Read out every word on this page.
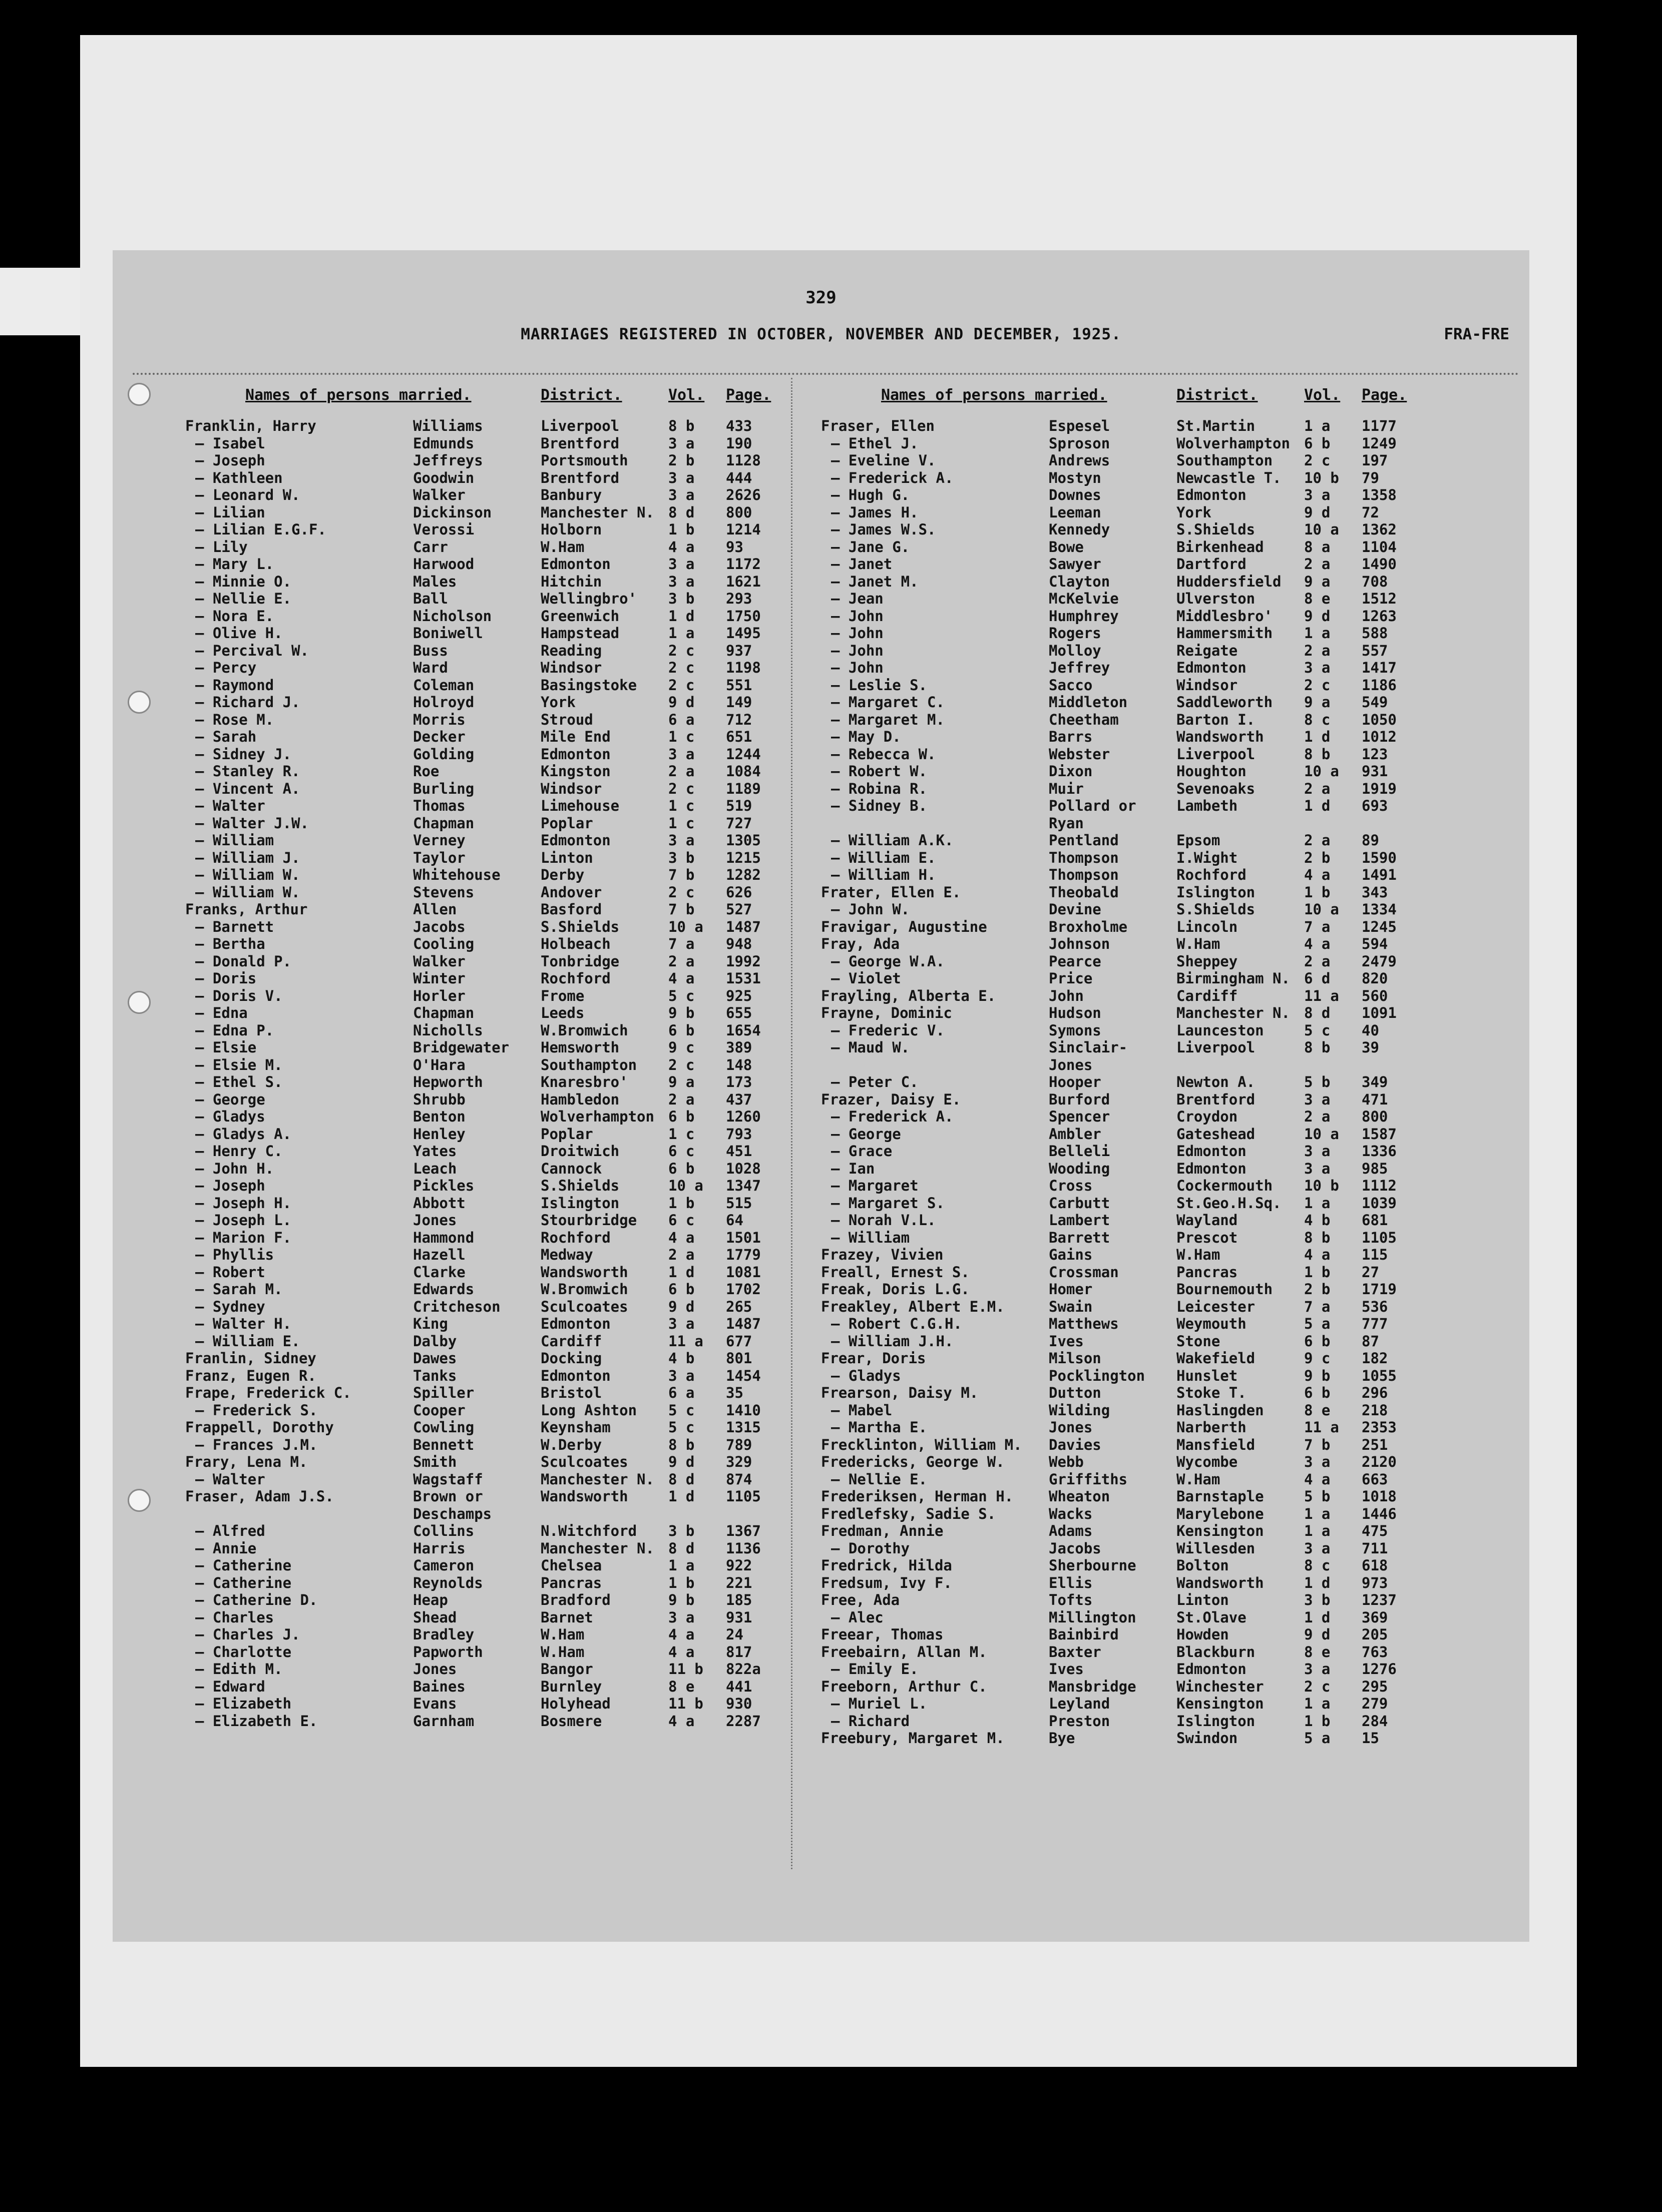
329
MARRIAGES REGISTERED IN OCTOBER, NOVEMBER AND DECEMBER, 1925.	FRA-FRE
Names of persons married.	District.	Vol. Page.
Franklin, Harry	Williams	Liverpool	8 b 433
— Isabel	Edmunds	Brentford	3 a 190
— Joseph	Jeffreys	Portsmouth	2 b 1128
— Kathleen	Goodwin	Brentford	3 a 444
— Leonard W.	Walker	Banbury	3 a 2626
— Lilian	Dickinson	Manchester N. 8 d 800
— Lilian E.G.F.	Verossi	Holborn	1 b 1214
— Lily	Carr	W.Ham	4 a 93
— Mary L.	Harwood	Edmonton	3 a 1172
— Minnie O.	Males	Hitchin	3 a 1621
— Nellie E.	Ball	Wellingbro' 3 b 293
— Nora E.	Nicholson	Greenwich	1 d 1750
— Olive H.	Boniwell	Hampstead	1 a 1495
— Percival W.	Buss	Reading	2 c 937
— Percy	Ward	Windsor	2 c 1198
— Raymond	Coleman	Basingstoke 2 c 551
— Richard J.	Holroyd	York	9 d 149
— Rose M.	Morris	Stroud	6 a 712
— Sarah	Decker	Mile End	1 c 651
— Sidney J.	Golding	Edmonton	3 a 1244
— Stanley R.	Roe	Kingston	2 a 1084
— Vincent A.	Burling	Windsor	2 c 1189
— Walter	Thomas	Limehouse	1 c 519
— Walter J.W.	Chapman	Poplar	1 c 727
— William	Verney	Edmonton	3 a 1305
— William J.	Taylor	Linton	3 b 1215
— William W.	Whitehouse	Derby	7 b 1282
— William W.	Stevens	Andover	2 c 626
Franks, Arthur	Allen	Basford	7 b 527
— Barnett	Jacobs	S.Shields	10 a 1487
— Bertha	Cooling	Holbeach	7 a 948
— Donald P.	Walker	Tonbridge	2 a 1992
— Doris	Winter	Rochford	4 a 1531
— Doris V.	Horler	Frome	5 c 925
— Edna	Chapman	Leeds	9 b 655
— Edna P.	Nicholls	W.Bromwich	6 b 1654
— Elsie	Bridgewater Hemsworth	9 c 389
— Elsie M.	O'Hara	Southampton 2 c 148
— Ethel S.	Hepworth	Knaresbro'	9 a 173
— George	Shrubb	Hambledon	2 a 437
— Gladys	Benton	Wolverhampton 6 b 1260
— Gladys A.	Henley	Poplar	1 c 793
— Henry C.	Yates	Droitwich	6 c 451
— John H.	Leach	Cannock	6 b 1028
— Joseph	Pickles	S.Shields	10 a 1347
— Joseph H.	Abbott	Islington	1 b 515
— Joseph L.	Jones	Stourbridge 6 c 64
— Marion F.	Hammond	Rochford	4 a 1501
— Phyllis	Hazell	Medway	2 a 1779
— Robert	Clarke	Wandsworth	1 d 1081
— Sarah M.	Edwards	W.Bromwich	6 b 1702
— Sydney	Critcheson	Sculcoates	9 d 265
— Walter H.	King	Edmonton	3 a 1487
— William E.	Dalby	Cardiff	11 a 677
Franlin, Sidney	Dawes	Docking	4 b 801
Franz, Eugen R.	Tanks	Edmonton	3 a 1454
Frape, Frederick C.	Spiller	Bristol	6 a 35
— Frederick S.	Cooper	Long Ashton 5 c 1410
Frappell, Dorothy	Cowling	Keynsham	5 c 1315
— Frances J.M.	Bennett	W.Derby	8 b 789
Frary, Lena M.	Smith	Sculcoates	9 d 329
— Walter	Wagstaff	Manchester N. 8 d 874
Fraser, Adam J.S.	Brown or	Wandsworth	1 d 1105
Deschamps
— Alfred	Collins	N.Witchford 3 b 1367
— Annie	Harris	Manchester N. 8 d 1136
— Catherine	Cameron	Chelsea	1 a 922
— Catherine	Reynolds	Pancras	1 b 221
— Catherine D.	Heap	Bradford	9 b 185
— Charles	Shead	Barnet	3 a 931
— Charles J.	Bradley	W.Ham	4 a 24
— Charlotte	Papworth	W.Ham	4 a 817
— Edith M.	Jones	Bangor	11 b 822a
— Edward	Baines	Burnley	8 e 441
— Elizabeth	Evans	Holyhead	11 b 930
— Elizabeth E.	Garnham	Bosmere	4 a 2287
Names of persons married.	District.	Vol. Page.
Fraser, Ellen	Espesel	St.Martin	1 a 1177
— Ethel J.	Sproson	Wolverhampton 6 b 1249
— Eveline V.	Andrews	Southampton 2 c 197
— Frederick A.	Mostyn	Newcastle T. 10 b 79
— Hugh G.	Downes	Edmonton	3 a 1358
— James H.	Leeman	York	9 d 72
— James W.S.	Kennedy	S.Shields	10 a 1362
— Jane G.	Bowe	Birkenhead	8 a 1104
— Janet	Sawyer	Dartford	2 a 1490
— Janet M.	Clayton	Huddersfield 9 a 708
— Jean	McKelvie	Ulverston	8 e 1512
— John	Humphrey	Middlesbro' 9 d 1263
— John	Rogers	Hammersmith 1 a 588
— John	Molloy	Reigate	2 a 557
— John	Jeffrey	Edmonton	3 a 1417
— Leslie S.	Sacco	Windsor	2 c 1186
— Margaret C.	Middleton	Saddleworth 9 a 549
— Margaret M.	Cheetham	Barton I.	8 c 1050
— May D.	Barrs	Wandsworth	1 d 1012
— Rebecca W.	Webster	Liverpool	8 b 123
— Robert W.	Dixon	Houghton	10 a 931
— Robina R.	Muir	Sevenoaks	2 a 1919
— Sidney B.	Pollard or	Lambeth	1 d 693
Ryan
— William A.K.	Pentland	Epsom	2 a 89
— William E.	Thompson	I.Wight	2 b 1590
— William H.	Thompson	Rochford	4 a 1491
Frater, Ellen E.	Theobald	Islington	1 b 343
— John W.	Devine	S.Shields	10 a 1334
Fravigar, Augustine	Broxholme	Lincoln	7 a 1245
Fray, Ada	Johnson	W.Ham	4 a 594
— George W.A.	Pearce	Sheppey	2 a 2479
— Violet	Price	Birmingham N. 6 d 820
Frayling, Alberta E.	John	Cardiff	11 a 560
Frayne, Dominic	Hudson	Manchester N. 8 d 1091
— Frederic V.	Symons	Launceston	5 c 40
— Maud W.	Sinclair-	Liverpool	8 b 39
Jones
— Peter C.	Hooper	Newton A.	5 b 349
Frazer, Daisy E.	Burford	Brentford	3 a 471
— Frederick A.	Spencer	Croydon	2 a 800
— George	Ambler	Gateshead	10 a 1587
— Grace	Belleli	Edmonton	3 a 1336
— Ian	Wooding	Edmonton	3 a 985
— Margaret	Cross	Cockermouth 10 b 1112
— Margaret S.	Carbutt	St.Geo.H.Sq. 1 a 1039
— Norah V.L.	Lambert	Wayland	4 b 681
— William	Barrett	Prescot	8 b 1105
Frazey, Vivien	Gains	W.Ham	4 a 115
Freall, Ernest S.	Crossman	Pancras	1 b 27
Freak, Doris L.G.	Homer	Bournemouth 2 b 1719
Freakley, Albert E.M.	Swain	Leicester	7 a 536
— Robert C.G.H.	Matthews	Weymouth	5 a 777
— William J.H.	Ives	Stone	6 b 87
Frear, Doris	Milson	Wakefield	9 c 182
— Gladys	Pocklington Hunslet	9 b 1055
Frearson, Daisy M.	Dutton	Stoke T.	6 b 296
— Mabel	Wilding	Haslingden	8 e 218
— Martha E.	Jones	Narberth	11 a 2353
Frecklinton, William M. Davies	Mansfield	7 b 251
Fredericks, George W.	Webb	Wycombe	3 a 2120
— Nellie E.	Griffiths	W.Ham	4 a 663
Frederiksen, Herman H. Wheaton	Barnstaple	5 b 1018
Fredlefsky, Sadie S.	Wacks	Marylebone	1 a 1446
Fredman, Annie	Adams	Kensington	1 a 475
— Dorothy	Jacobs	Willesden	3 a 711
Fredrick, Hilda	Sherbourne	Bolton	8 c 618
Fredsum, Ivy F.	Ellis	Wandsworth	1 d 973
Free, Ada	Tofts	Linton	3 b 1237
— Alec	Millington	St.Olave	1 d 369
Freear, Thomas	Bainbird	Howden	9 d 205
Freebairn, Allan M.	Baxter	Blackburn	8 e 763
— Emily E.	Ives	Edmonton	3 a 1276
Freeborn, Arthur C.	Mansbridge	Winchester	2 c 295
— Muriel L.	Leyland	Kensington	1 a 279
— Richard	Preston	Islington	1 b 284
Freebury, Margaret M.	Bye	Swindon	5 a 15
